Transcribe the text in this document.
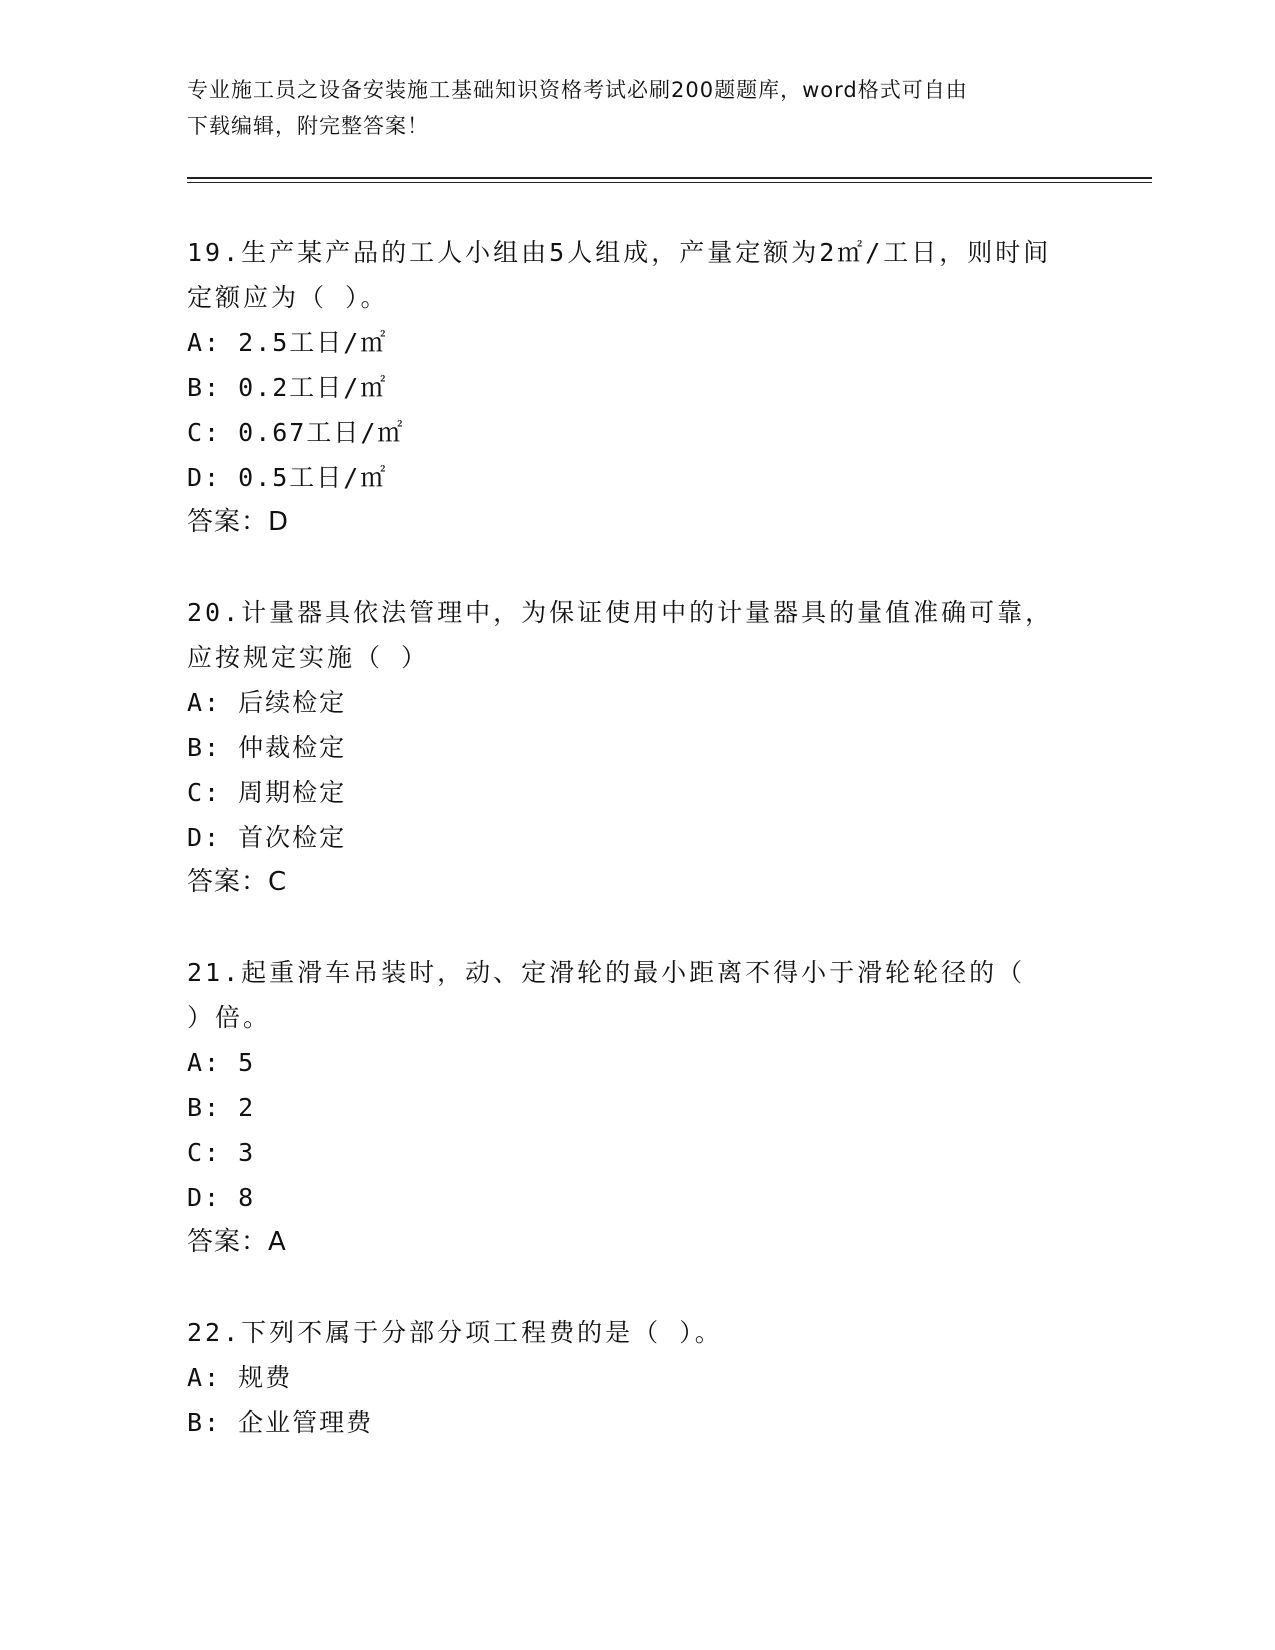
专业施工员之设备安装施工基础知识资格考试必刷200题题库，word格式可自由
下载编辑，附完整答案！

19.生产某产品的工人小组由5人组成，产量定额为2㎡/工日，则时间

定额应为（ ）。

A: 2.5工日/㎡

B: 0.2工日/㎡

C: 0.67工日/㎡

D: 0.5工日/㎡

答案：D

20.计量器具依法管理中，为保证使用中的计量器具的量值准确可靠，

应按规定实施（ ）

A: 后续检定

B: 仲裁检定

C: 周期检定

D: 首次检定

答案：C

21.起重滑车吊装时，动、定滑轮的最小距离不得小于滑轮轮径的（

）倍。

A: 5

B: 2

C: 3

D: 8

答案：A

22.下列不属于分部分项工程费的是（ ）。

A: 规费

B: 企业管理费
